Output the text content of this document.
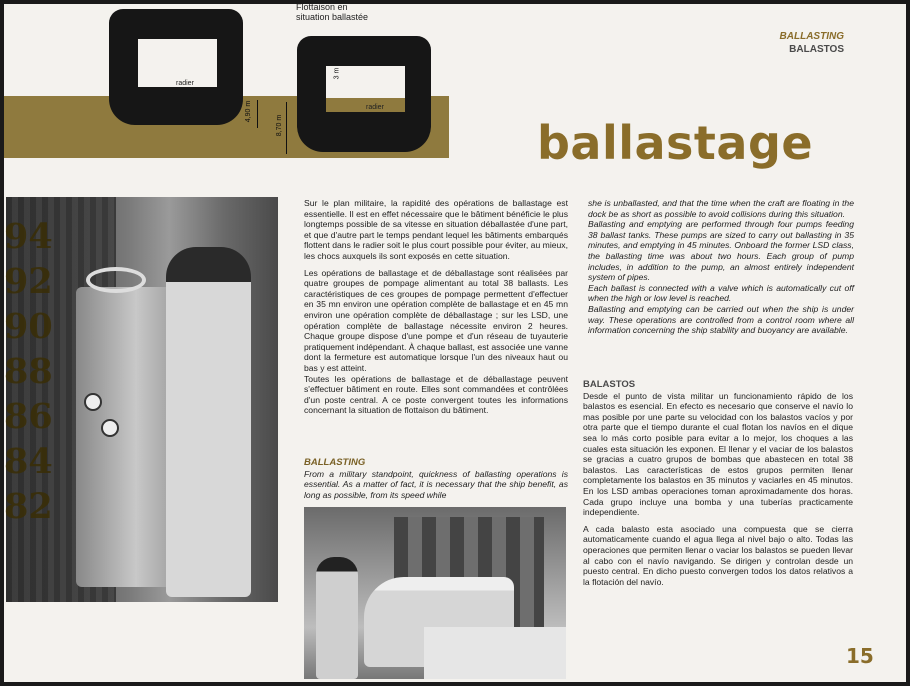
radier
radier
3 m
4,90 m
8,70 m
Flottaison en
situation ballastée
BALLASTING
BALASTOS
ballastage
94
92
90
88
86
84
82

Sur le plan militaire, la rapidité des opérations de ballastage est essentielle. Il est en effet nécessaire que le bâtiment bénéficie le plus longtemps possible de sa vitesse en situation déballastée d'une part, et que d'autre part le temps pendant lequel les bâtiments embarqués flottent dans le radier soit le plus court possible pour éviter, au mieux, les chocs auxquels ils sont exposés en cette situation.

Les opérations de ballastage et de déballastage sont réalisées par quatre groupes de pompage alimentant au total 38 ballasts. Les caractéristiques de ces groupes de pompage permettent d'effectuer en 35 mn environ une opération complète de ballastage et en 45 mn environ une opération complète de déballastage ; sur les LSD, une opération complète de ballastage nécessite environ 2 heures. Chaque groupe dispose d'une pompe et d'un réseau de tuyauterie pratiquement indépendant. À chaque ballast, est associée une vanne dont la fermeture est automatique lorsque l'un des niveaux haut ou bas y est atteint.

Toutes les opérations de ballastage et de déballastage peuvent s'effectuer bâtiment en route. Elles sont commandées et contrôlées d'un poste central. A ce poste convergent toutes les informations concernant la situation de flottaison du bâtiment.

BALLASTING

From a military standpoint, quickness of ballasting operations is essential. As a matter of fact, it is necessary that the ship benefit, as long as possible, from its speed while

she is unballasted, and that the time when the craft are floating in the dock be as short as possible to avoid collisions during this situation.

Ballasting and emptying are performed through four pumps feeding 38 ballast tanks. These pumps are sized to carry out ballasting in 35 minutes, and emptying in 45 minutes. Onboard the former LSD class, the ballasting time was about two hours. Each group of pump includes, in addition to the pump, an almost entirely independent system of pipes.

Each ballast is connected with a valve which is automatically cut off when the high or low level is reached.

Ballasting and emptying can be carried out when the ship is under way. These operations are controlled from a control room where all information concerning the ship stability and buoyancy are available.

BALASTOS

Desde el punto de vista militar un funcionamiento rápido de los balastos es esencial. En efecto es necesario que conserve el navío lo mas posible por une parte su velocidad con los balastos vacíos y por otra parte que el tiempo durante el cual flotan los navíos en el dique sea lo más corto posible para evitar a lo mejor, los choques a las cuales esta situación les exponen. El llenar y el vaciar de los balastos se gracias a cuatro grupos de bombas que abastecen en total 38 balastos. Las características de estos grupos permiten llenar completamente los balastos en 35 minutos y vaciarles en 45 minutos. En los LSD ambas operaciones toman aproximadamente dos horas. Cada grupo incluye una bomba y una tuberías practicamente independiente.

A cada balasto esta asociado una compuesta que se cierra automaticamente cuando el agua llega al nivel bajo o alto. Todas las operaciones que permiten llenar o vaciar los balastos se pueden llevar al cabo con el navío navigando. Se dirigen y controlan desde un puesto central. En dicho puesto convergen todos los datos relativos a la flotación del navío.

15
